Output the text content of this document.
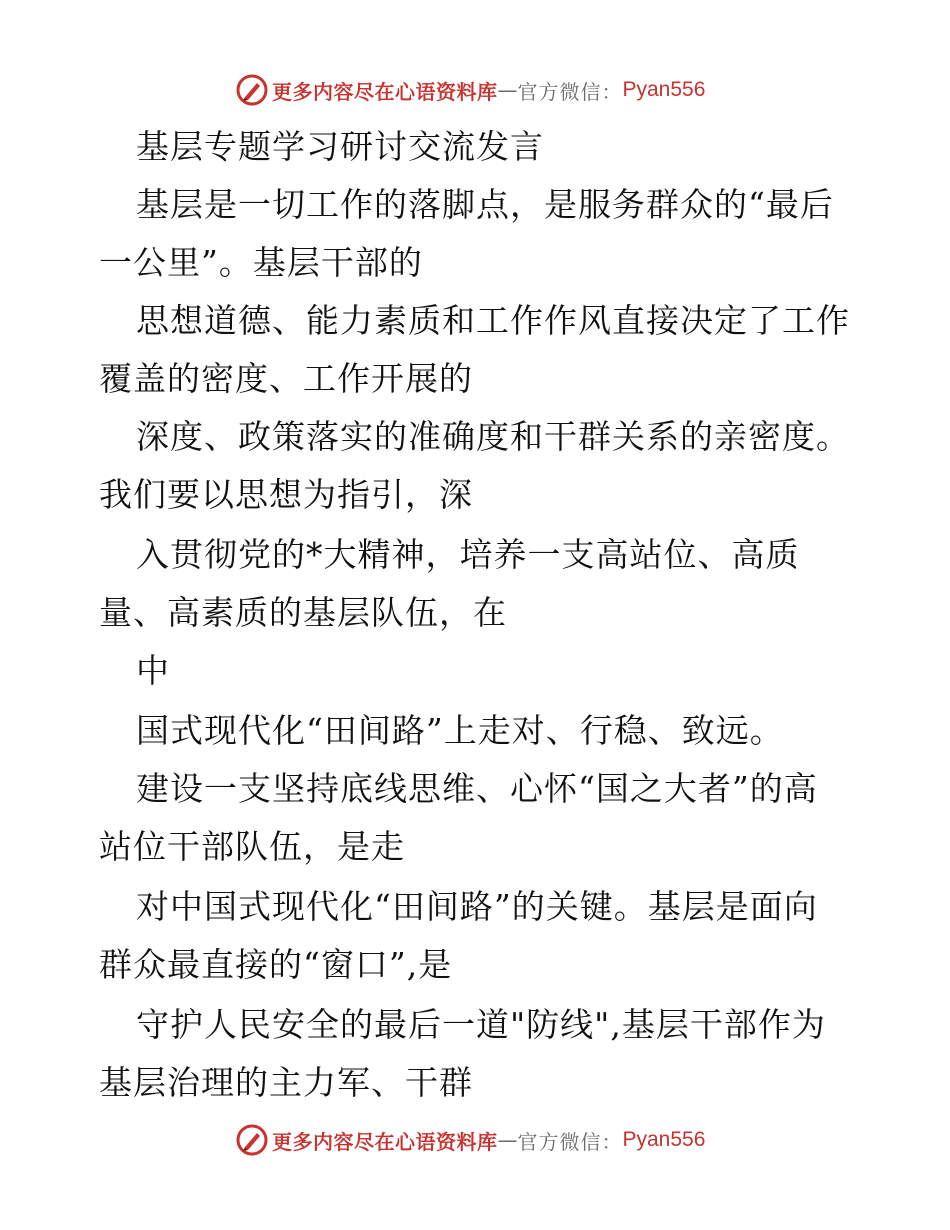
更多内容尽在心语资料库 — 官方微信： Pyan556
基层专题学习研讨交流发言
基层是一切工作的落脚点，是服务群众的“最后
一公里”。基层干部的
思想道德、能力素质和工作作风直接决定了工作
覆盖的密度、工作开展的
深度、政策落实的准确度和干群关系的亲密度。
我们要以思想为指引，深
入贯彻党的*大精神，培养一支高站位、高质
量、高素质的基层队伍，在
中
国式现代化“田间路”上走对、行稳、致远。
建设一支坚持底线思维、心怀“国之大者”的高
站位干部队伍，是走
对中国式现代化“田间路”的关键。基层是面向
群众最直接的“窗口”,是
守护人民安全的最后一道"防线",基层干部作为
基层治理的主力军、干群
更多内容尽在心语资料库 — 官方微信： Pyan556
